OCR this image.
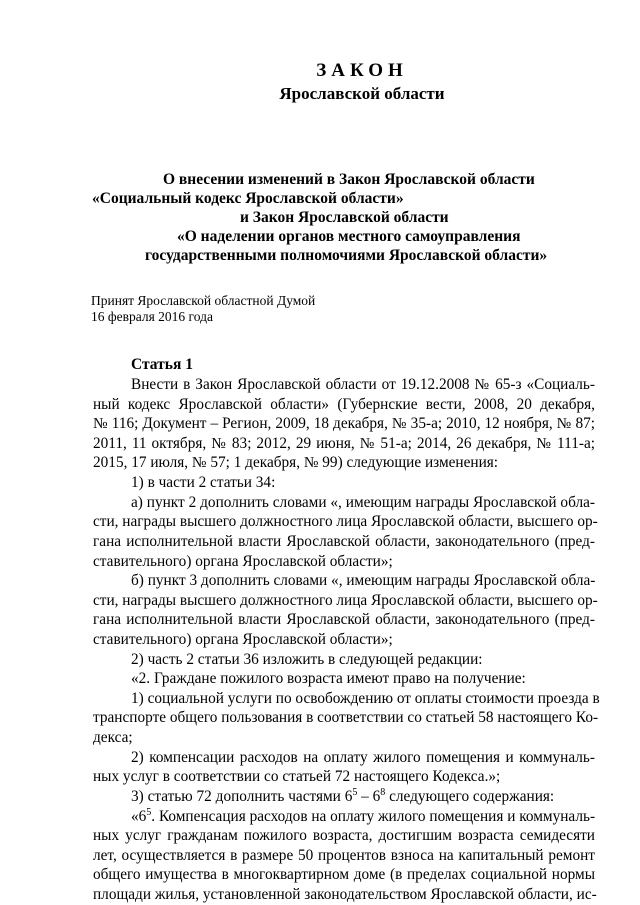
ЗАКОН
Ярославской области
О внесении изменений в Закон Ярославской области
«Социальный кодекс Ярославской области»
и Закон Ярославской области
«О наделении органов местного самоуправления
государственными полномочиями Ярославской области»
Принят Ярославской областной Думой
16 февраля 2016 года
Статья 1
Внести в Закон Ярославской области от 19.12.2008 № 65-з «Социаль-
ный кодекс Ярославской области» (Губернские вести, 2008, 20 декабря,
№ 116; Документ – Регион, 2009, 18 декабря, № 35-а; 2010, 12 ноября, № 87;
2011, 11 октября, № 83; 2012, 29 июня, № 51-а; 2014, 26 декабря, № 111-а;
2015, 17 июля, № 57; 1 декабря, № 99) следующие изменения:
1) в части 2 статьи 34:
а) пункт 2 дополнить словами «, имеющим награды Ярославской обла-
сти, награды высшего должностного лица Ярославской области, высшего ор-
гана исполнительной власти Ярославской области, законодательного (пред-
ставительного) органа Ярославской области»;
б) пункт 3 дополнить словами «, имеющим награды Ярославской обла-
сти, награды высшего должностного лица Ярославской области, высшего ор-
гана исполнительной власти Ярославской области, законодательного (пред-
ставительного) органа Ярославской области»;
2) часть 2 статьи 36 изложить в следующей редакции:
«2. Граждане пожилого возраста имеют право на получение:
1) социальной услуги по освобождению от оплаты стоимости проезда в
транспорте общего пользования в соответствии со статьей 58 настоящего Ко-
декса;
2) компенсации расходов на оплату жилого помещения и коммуналь-
ных услуг в соответствии со статьей 72 настоящего Кодекса.»;
3) статью 72 дополнить частями $6^5 - 6^8$ следующего содержания:
«$6^5$. Компенсация расходов на оплату жилого помещения и коммуналь-
ных услуг гражданам пожилого возраста, достигшим возраста семидесяти
лет, осуществляется в размере 50 процентов взноса на капитальный ремонт
общего имущества в многоквартирном доме (в пределах социальной нормы
площади жилья, установленной законодательством Ярославской области, ис-
